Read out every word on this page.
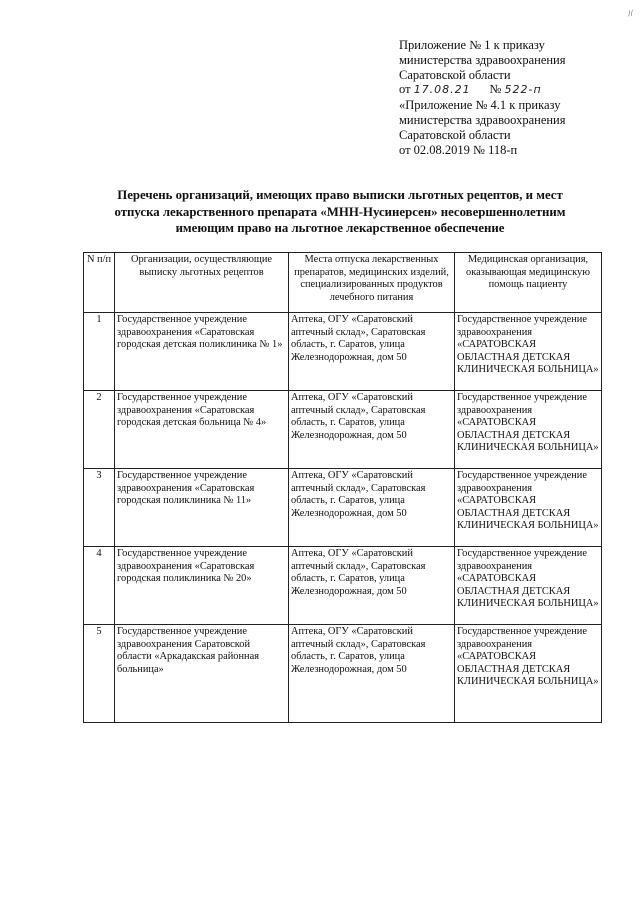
//
Приложение № 1 к приказу
министерства здравоохранения
Саратовской области
от 17.08.21 № 522-п
«Приложение № 4.1 к приказу
министерства здравоохранения
Саратовской области
от 02.08.2019 № 118-п
Перечень организаций, имеющих право выписки льготных рецептов, и мест
отпуска лекарственного препарата «МНН-Нусинерсен» несовершеннолетним
имеющим право на льготное лекарственное обеспечение
N п/п	Организации, осуществляющие выписку льготных рецептов	Места отпуска лекарственных препаратов, медицинских изделий, специализированных продуктов лечебного питания	Медицинская организация, оказывающая медицинскую помощь пациенту
1	Государственное учреждение здравоохранения «Саратовская городская детская поликлиника № 1»	Аптека, ОГУ «Саратовский аптечный склад», Саратовская область, г. Саратов, улица Железнодорожная, дом 50	Государственное учреждение здравоохранения «САРАТОВСКАЯ ОБЛАСТНАЯ ДЕТСКАЯ КЛИНИЧЕСКАЯ БОЛЬНИЦА»
2	Государственное учреждение здравоохранения «Саратовская городская детская больница № 4»	Аптека, ОГУ «Саратовский аптечный склад», Саратовская область, г. Саратов, улица Железнодорожная, дом 50	Государственное учреждение здравоохранения «САРАТОВСКАЯ ОБЛАСТНАЯ ДЕТСКАЯ КЛИНИЧЕСКАЯ БОЛЬНИЦА»
3	Государственное учреждение здравоохранения «Саратовская городская поликлиника № 11»	Аптека, ОГУ «Саратовский аптечный склад», Саратовская область, г. Саратов, улица Железнодорожная, дом 50	Государственное учреждение здравоохранения «САРАТОВСКАЯ ОБЛАСТНАЯ ДЕТСКАЯ КЛИНИЧЕСКАЯ БОЛЬНИЦА»
4	Государственное учреждение здравоохранения «Саратовская городская поликлиника № 20»	Аптека, ОГУ «Саратовский аптечный склад», Саратовская область, г. Саратов, улица Железнодорожная, дом 50	Государственное учреждение здравоохранения «САРАТОВСКАЯ ОБЛАСТНАЯ ДЕТСКАЯ КЛИНИЧЕСКАЯ БОЛЬНИЦА»
5	Государственное учреждение здравоохранения Саратовской области «Аркадакская районная больница»	Аптека, ОГУ «Саратовский аптечный склад», Саратовская область, г. Саратов, улица Железнодорожная, дом 50	Государственное учреждение здравоохранения «САРАТОВСКАЯ ОБЛАСТНАЯ ДЕТСКАЯ КЛИНИЧЕСКАЯ БОЛЬНИЦА»
